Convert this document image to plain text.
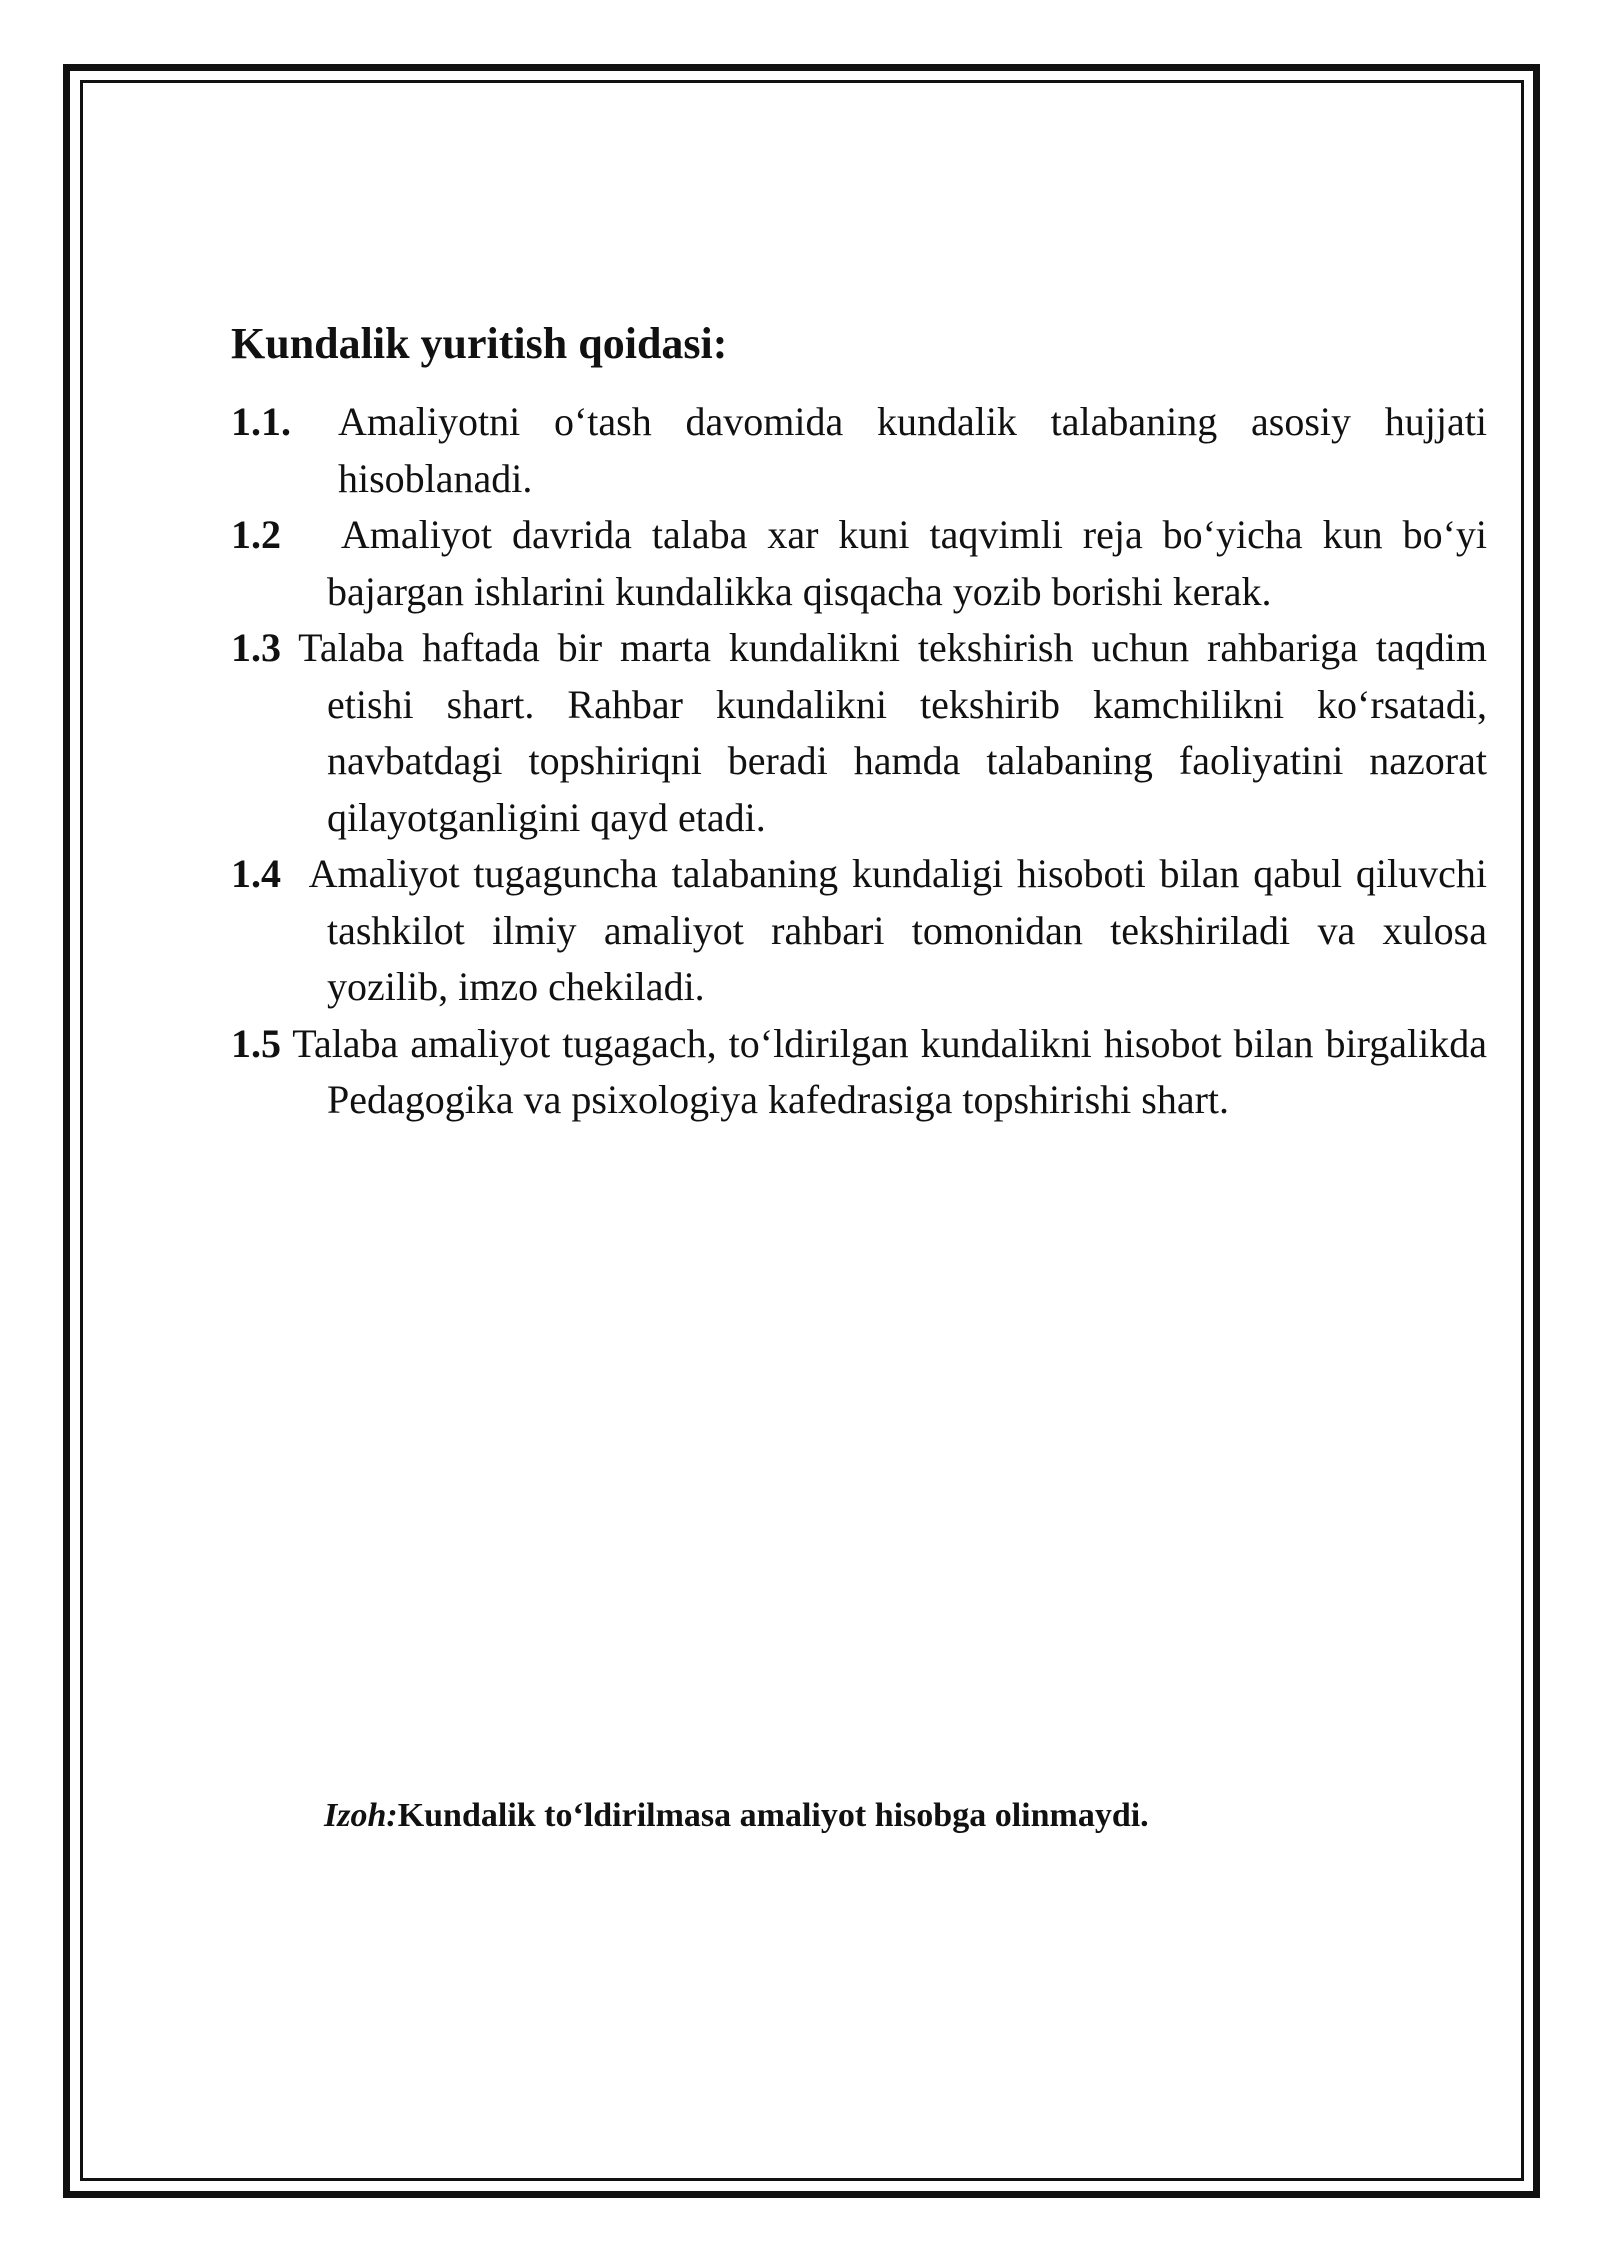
Kundalik yuritish qoidasi:

1.1. Amaliyotni o‘tash davomida kundalik talabaning asosiy hujjati hisoblanadi.

1.2 Amaliyot davrida talaba xar kuni taqvimli reja bo‘yicha kun bo‘yi bajargan ishlarini kundalikka qisqacha yozib borishi kerak.

1.3 Talaba haftada bir marta kundalikni tekshirish uchun rahbariga taqdim etishi shart. Rahbar kundalikni tekshirib kamchilikni ko‘rsatadi, navbatdagi topshiriqni beradi hamda talabaning faoliyatini nazorat qilayotganligini qayd etadi.

1.4 Amaliyot tugaguncha talabaning kundaligi hisoboti bilan qabul qiluvchi tashkilot ilmiy amaliyot rahbari tomonidan tekshiriladi va xulosa yozilib, imzo chekiladi.

1.5 Talaba amaliyot tugagach, to‘ldirilgan kundalikni hisobot bilan birgalikda Pedagogika va psixologiya kafedrasiga topshirishi shart.

Izoh:Kundalik to‘ldirilmasa amaliyot hisobga olinmaydi.
